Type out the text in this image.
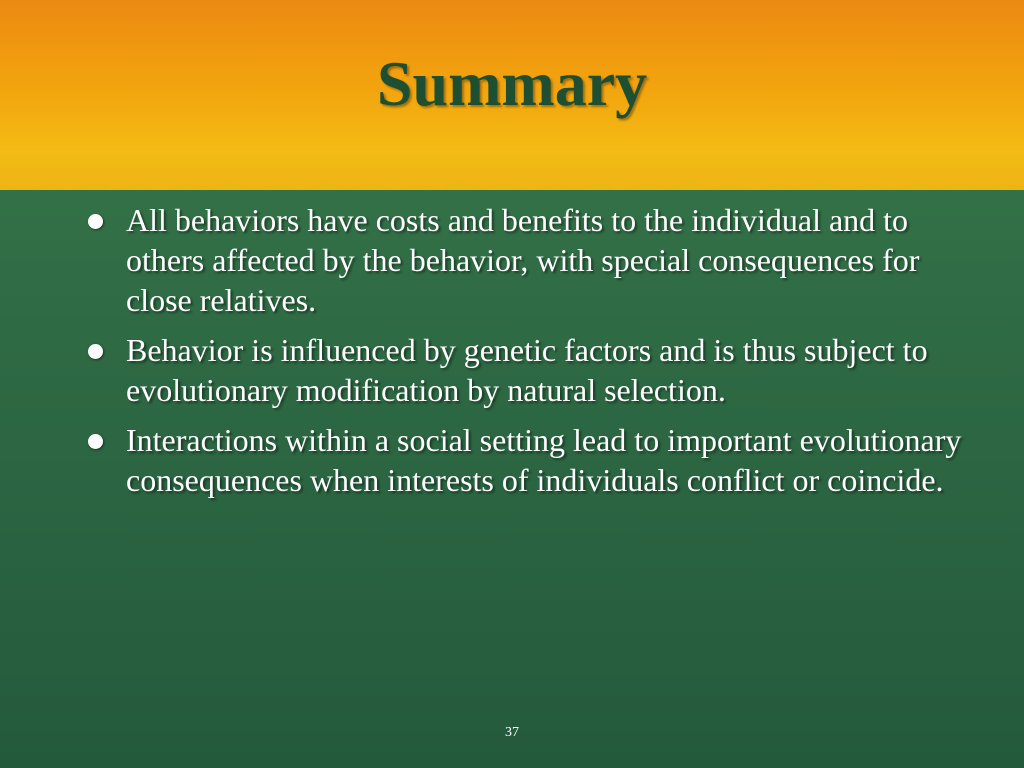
Summary
All behaviors have costs and benefits to the individual and to others affected by the behavior, with special consequences for close relatives.
Behavior is influenced by genetic factors and is thus subject to evolutionary modification by natural selection.
Interactions within a social setting lead to important evolutionary consequences when interests of individuals conflict or coincide.
37
